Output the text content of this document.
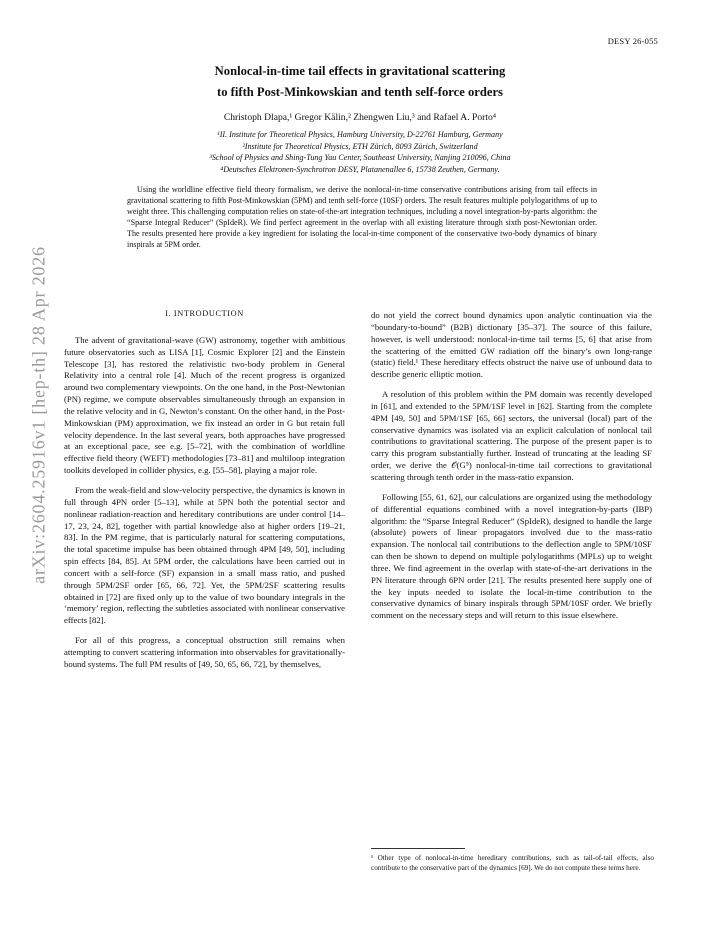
DESY 26-055
arXiv:2604.25916v1 [hep-th] 28 Apr 2026
Nonlocal-in-time tail effects in gravitational scattering
to fifth Post-Minkowskian and tenth self-force orders
Christoph Dlapa,¹ Gregor Kälin,² Zhengwen Liu,³ and Rafael A. Porto⁴
¹II. Institute for Theoretical Physics, Hamburg University, D-22761 Hamburg, Germany
²Institute for Theoretical Physics, ETH Zürich, 8093 Zürich, Switzerland
³School of Physics and Shing-Tung Yau Center, Southeast University, Nanjing 210096, China
⁴Deutsches Elektronen-Synchrotron DESY, Platanenallee 6, 15738 Zeuthen, Germany.
Using the worldline effective field theory formalism, we derive the nonlocal-in-time conservative contributions arising from tail effects in gravitational scattering to fifth Post-Minkowskian (5PM) and tenth self-force (10SF) orders. The result features multiple polylogarithms of up to weight three. This challenging computation relies on state-of-the-art integration techniques, including a novel integration-by-parts algorithm: the “Sparse Integral Reducer” (SpIdeR). We find perfect agreement in the overlap with all existing literature through sixth post-Newtonian order. The results presented here provide a key ingredient for isolating the local-in-time component of the conservative two-body dynamics of binary inspirals at 5PM order.
I. INTRODUCTION

The advent of gravitational-wave (GW) astronomy, together with ambitious future observatories such as LISA [1], Cosmic Explorer [2] and the Einstein Telescope [3], has restored the relativistic two-body problem in General Relativity into a central role [4]. Much of the recent progress is organized around two complementary viewpoints. On the one hand, in the Post-Newtonian (PN) regime, we compute observables simultaneously through an expansion in the relative velocity and in G, Newton’s constant. On the other hand, in the Post-Minkowskian (PM) approximation, we fix instead an order in G but retain full velocity dependence. In the last several years, both approaches have progressed at an exceptional pace, see e.g. [5–72], with the combination of worldline effective field theory (WEFT) methodologies [73–81] and multiloop integration toolkits developed in collider physics, e.g. [55–58], playing a major role.

From the weak-field and slow-velocity perspective, the dynamics is known in full through 4PN order [5–13], while at 5PN both the potential sector and nonlinear radiation-reaction and hereditary contributions are under control [14–17, 23, 24, 82], together with partial knowledge also at higher orders [19–21, 83]. In the PM regime, that is particularly natural for scattering computations, the total spacetime impulse has been obtained through 4PM [49, 50], including spin effects [84, 85]. At 5PM order, the calculations have been carried out in concert with a self-force (SF) expansion in a small mass ratio, and pushed through 5PM/2SF order [65, 66, 72]. Yet, the 5PM/2SF scattering results obtained in [72] are fixed only up to the value of two boundary integrals in the ‘memory’ region, reflecting the subtleties associated with nonlinear conservative effects [82].

For all of this progress, a conceptual obstruction still remains when attempting to convert scattering information into observables for gravitationally-bound systems. The full PM results of [49, 50, 65, 66, 72], by themselves,

do not yield the correct bound dynamics upon analytic continuation via the “boundary-to-bound” (B2B) dictionary [35–37]. The source of this failure, however, is well understood: nonlocal-in-time tail terms [5, 6] that arise from the scattering of the emitted GW radiation off the binary’s own long-range (static) field.¹ These hereditary effects obstruct the naive use of unbound data to describe generic elliptic motion.

A resolution of this problem within the PM domain was recently developed in [61], and extended to the 5PM/1SF level in [62]. Starting from the complete 4PM [49, 50] and 5PM/1SF [65, 66] sectors, the universal (local) part of the conservative dynamics was isolated via an explicit calculation of nonlocal tail contributions to gravitational scattering. The purpose of the present paper is to carry this program substantially further. Instead of truncating at the leading SF order, we derive the 𝒪(G⁵) nonlocal-in-time tail corrections to gravitational scattering through tenth order in the mass-ratio expansion.

Following [55, 61, 62], our calculations are organized using the methodology of differential equations combined with a novel integration-by-parts (IBP) algorithm: the “Sparse Integral Reducer” (SpIdeR), designed to handle the large (absolute) powers of linear propagators involved due to the mass-ratio expansion. The nonlocal tail contributions to the deflection angle to 5PM/10SF can then be shown to depend on multiple polylogarithms (MPLs) up to weight three. We find agreement in the overlap with state-of-the-art derivations in the PN literature through 6PN order [21]. The results presented here supply one of the key inputs needed to isolate the local-in-time contribution to the conservative dynamics of binary inspirals through 5PM/10SF order. We briefly comment on the necessary steps and will return to this issue elsewhere.

¹ Other type of nonlocal-in-time hereditary contributions, such as tail-of-tail effects, also contribute to the conservative part of the dynamics [69]. We do not compute these terms here.
